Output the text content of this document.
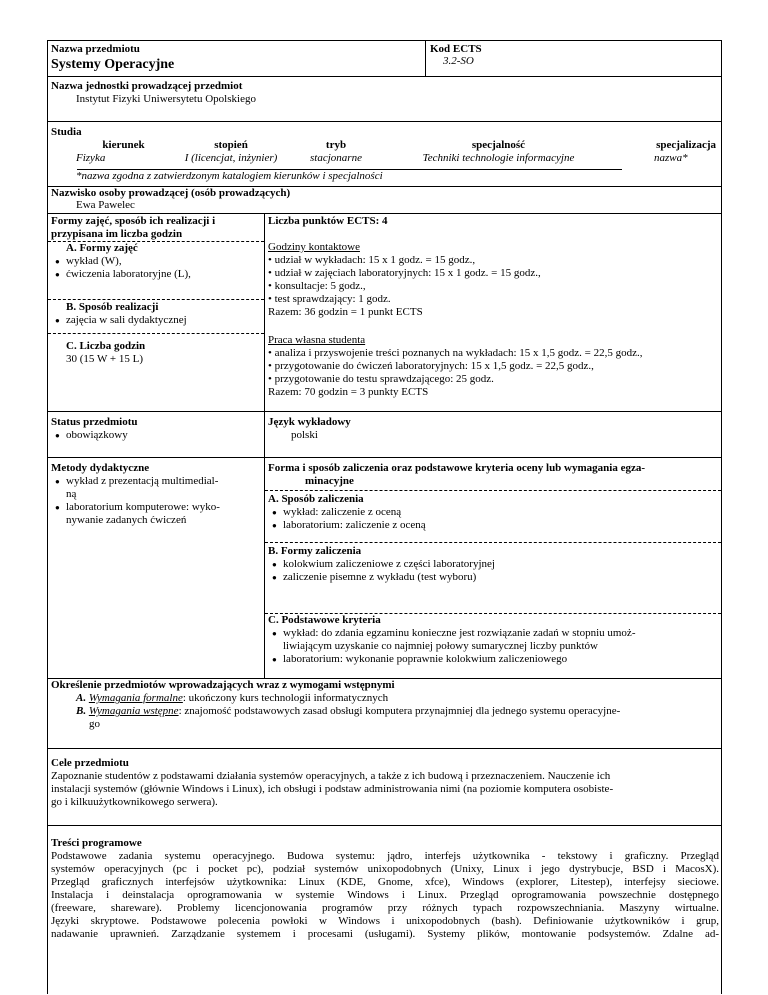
Nazwa przedmiotu
Systemy Operacyjne
Kod ECTS
3.2-SO
Nazwa jednostki prowadzącej przedmiot
Instytut Fizyki Uniwersytetu Opolskiego
Studia
kierunek	stopień	tryb	specjalność	specjalizacja
Fizyka	I (licencjat, inżynier)	stacjonarne	Techniki technologie informacyjne	nazwa*
*nazwa zgodna z zatwierdzonym katalogiem kierunków i specjalności
Nazwisko osoby prowadzącej (osób prowadzących)
Ewa Pawelec
Formy zajęć, sposób ich realizacji i
przypisana im liczba godzin
A. Formy zajęć
● wykład (W),
● ćwiczenia laboratoryjne (L),
B. Sposób realizacji
● zajęcia w sali dydaktycznej
C. Liczba godzin
30 (15 W + 15 L)
Liczba punktów ECTS: 4
Godziny kontaktowe
• udział w wykładach: 15 x 1 godz. = 15 godz.,
• udział w zajęciach laboratoryjnych: 15 x 1 godz. = 15 godz.,
• konsultacje: 5 godz.,
• test sprawdzający: 1 godz.
Razem: 36 godzin = 1 punkt ECTS
Praca własna studenta
• analiza i przyswojenie treści poznanych na wykładach: 15 x 1,5 godz. = 22,5 godz.,
• przygotowanie do ćwiczeń laboratoryjnych: 15 x 1,5 godz. = 22,5 godz.,
• przygotowanie do testu sprawdzającego: 25 godz.
Razem: 70 godzin = 3 punkty ECTS
Status przedmiotu
● obowiązkowy
Język wykładowy
polski
Metody dydaktyczne
● wykład z prezentacją multimedial-
ną
● laboratorium komputerowe: wyko-
nywanie zadanych ćwiczeń
Forma i sposób zaliczenia oraz podstawowe kryteria oceny lub wymagania egza-
minacyjne
A. Sposób zaliczenia
● wykład: zaliczenie z oceną
● laboratorium: zaliczenie z oceną
B. Formy zaliczenia
● kolokwium zaliczeniowe z części laboratoryjnej
● zaliczenie pisemne z wykładu (test wyboru)
C. Podstawowe kryteria
● wykład: do zdania egzaminu konieczne jest rozwiązanie zadań w stopniu umoż-
liwiającym uzyskanie co najmniej połowy sumarycznej liczby punktów
● laboratorium: wykonanie poprawnie kolokwium zaliczeniowego
Określenie przedmiotów wprowadzających wraz z wymogami wstępnymi
A. Wymagania formalne: ukończony kurs technologii informatycznych
B. Wymagania wstępne: znajomość podstawowych zasad obsługi komputera przynajmniej dla jednego systemu operacyjne-
go
Cele przedmiotu
Zapoznanie studentów z podstawami działania systemów operacyjnych, a także z ich budową i przeznaczeniem. Nauczenie ich
instalacji systemów (głównie Windows i Linux), ich obsługi i podstaw administrowania nimi (na poziomie komputera osobiste-
go i kilkuużytkownikowego serwera).
Treści programowe
Podstawowe zadania systemu operacyjnego. Budowa systemu: jądro, interfejs użytkownika - tekstowy i graficzny. Przegląd
systemów operacyjnych (pc i pocket pc), podział systemów unixopodobnych (Unixy, Linux i jego dystrybucje, BSD i MacosX).
Przegląd graficznych interfejsów użytkownika: Linux (KDE, Gnome, xfce), Windows (explorer, Litestep), interfejsy sieciowe.
Instalacja i deinstalacja oprogramowania w systemie Windows i Linux. Przegląd oprogramowania powszechnie dostępnego
(freeware, shareware). Problemy licencjonowania programów przy różnych typach rozpowszechniania. Maszyny wirtualne.
Języki skryptowe. Podstawowe polecenia powłoki w Windows i unixopodobnych (bash). Definiowanie użytkowników i grup,
nadawanie uprawnień. Zarządzanie systemem i procesami (usługami). Systemy plików, montowanie podsystemów. Zdalne ad-
